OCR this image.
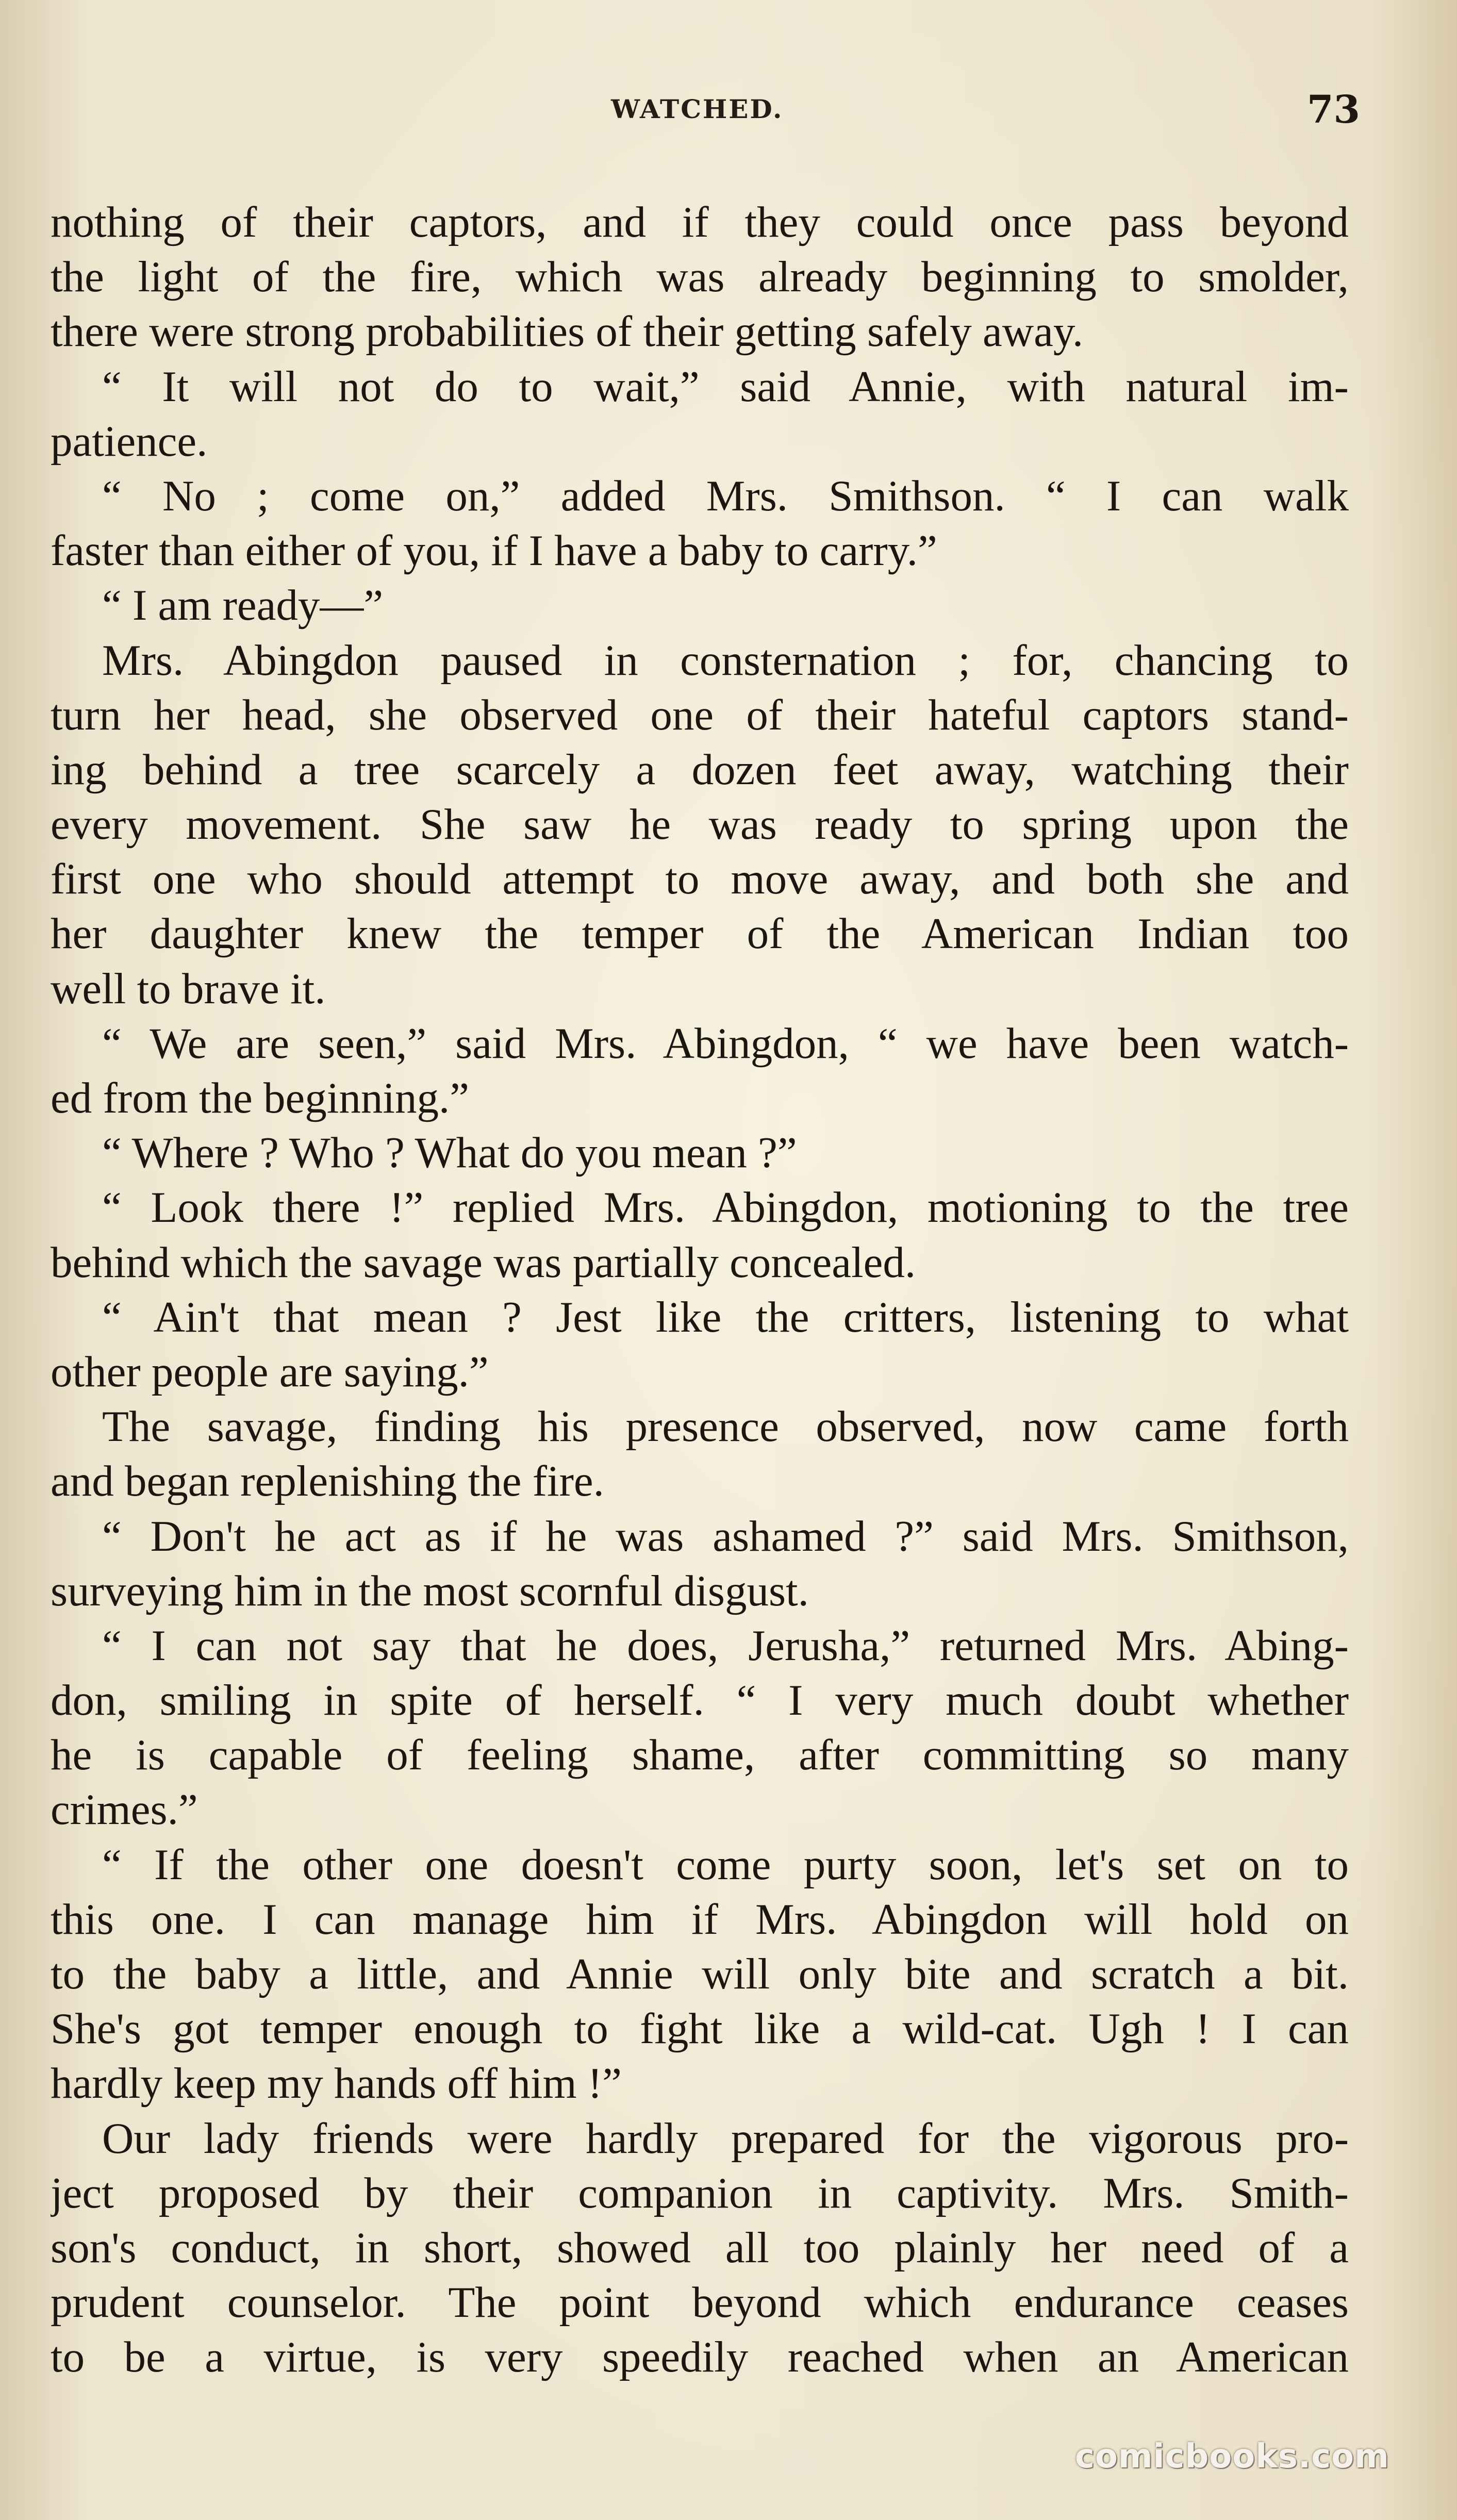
WATCHED.	73
nothing of their captors, and if they could once pass beyond
the light of the fire, which was already beginning to smolder,
there were strong probabilities of their getting safely away.
“ It will not do to wait,” said Annie, with natural im-
patience.
“ No ; come on,” added Mrs. Smithson. “ I can walk
faster than either of you, if I have a baby to carry.”
“ I am ready—”
Mrs. Abingdon paused in consternation ; for, chancing to
turn her head, she observed one of their hateful captors stand-
ing behind a tree scarcely a dozen feet away, watching their
every movement. She saw he was ready to spring upon the
first one who should attempt to move away, and both she and
her daughter knew the temper of the American Indian too
well to brave it.
“ We are seen,” said Mrs. Abingdon, “ we have been watch-
ed from the beginning.”
“ Where ? Who ? What do you mean ?”
“ Look there !” replied Mrs. Abingdon, motioning to the tree
behind which the savage was partially concealed.
“ Ain't that mean ? Jest like the critters, listening to what
other people are saying.”
The savage, finding his presence observed, now came forth
and began replenishing the fire.
“ Don't he act as if he was ashamed ?” said Mrs. Smithson,
surveying him in the most scornful disgust.
“ I can not say that he does, Jerusha,” returned Mrs. Abing-
don, smiling in spite of herself. “ I very much doubt whether
he is capable of feeling shame, after committing so many
crimes.”
“ If the other one doesn't come purty soon, let's set on to
this one. I can manage him if Mrs. Abingdon will hold on
to the baby a little, and Annie will only bite and scratch a bit.
She's got temper enough to fight like a wild-cat. Ugh ! I can
hardly keep my hands off him !”
Our lady friends were hardly prepared for the vigorous pro-
ject proposed by their companion in captivity. Mrs. Smith-
son's conduct, in short, showed all too plainly her need of a
prudent counselor. The point beyond which endurance ceases
to be a virtue, is very speedily reached when an American
comicbooks.com
